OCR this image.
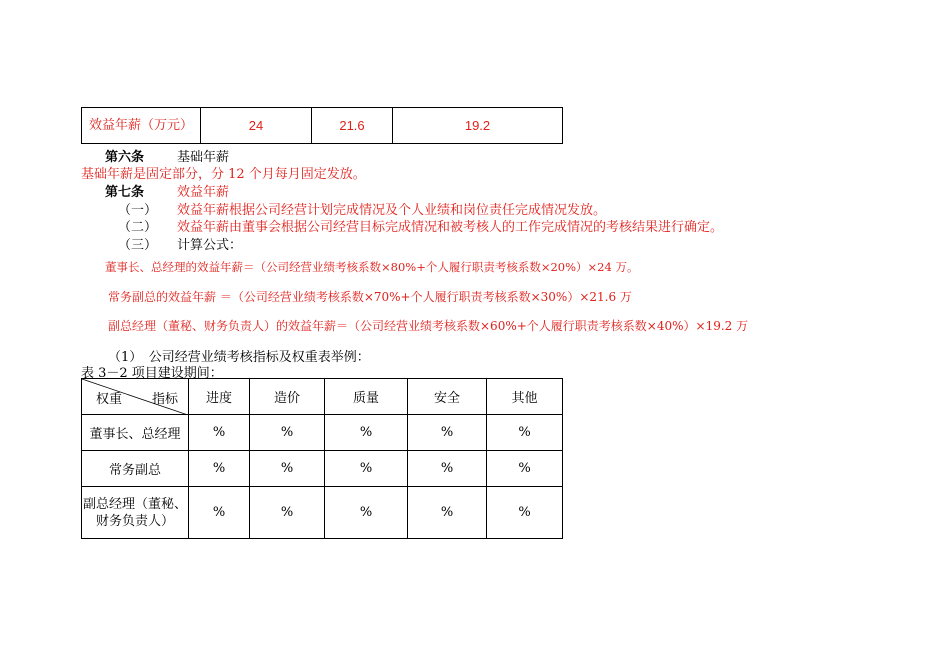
效益年薪（万元）	24	21.6	19.2
第六条	基础年薪
基础年薪是固定部分，分 12 个月每月固定发放。
第七条	效益年薪
（一） 效益年薪根据公司经营计划完成情况及个人业绩和岗位责任完成情况发放。
（二） 效益年薪由董事会根据公司经营目标完成情况和被考核人的工作完成情况的考核结果进行确定。
（三） 计算公式：
董事长、总经理的效益年薪＝（公司经营业绩考核系数×80%+个人履行职责考核系数×20%）×24 万。
常务副总的效益年薪 ＝（公司经营业绩考核系数×70%+个人履行职责考核系数×30%）×21.6 万
副总经理（董秘、财务负责人）的效益年薪＝（公司经营业绩考核系数×60%+个人履行职责考核系数×40%）×19.2 万
（1）　公司经营业绩考核指标及权重表举例：
表 3－2 项目建设期间：
权重 指标	进度	造价	质量	安全	其他
董事长、总经理	%	%	%	%	%
常务副总	%	%	%	%	%

副总经理（董秘、
财务负责人）	%	%	%	%	%
